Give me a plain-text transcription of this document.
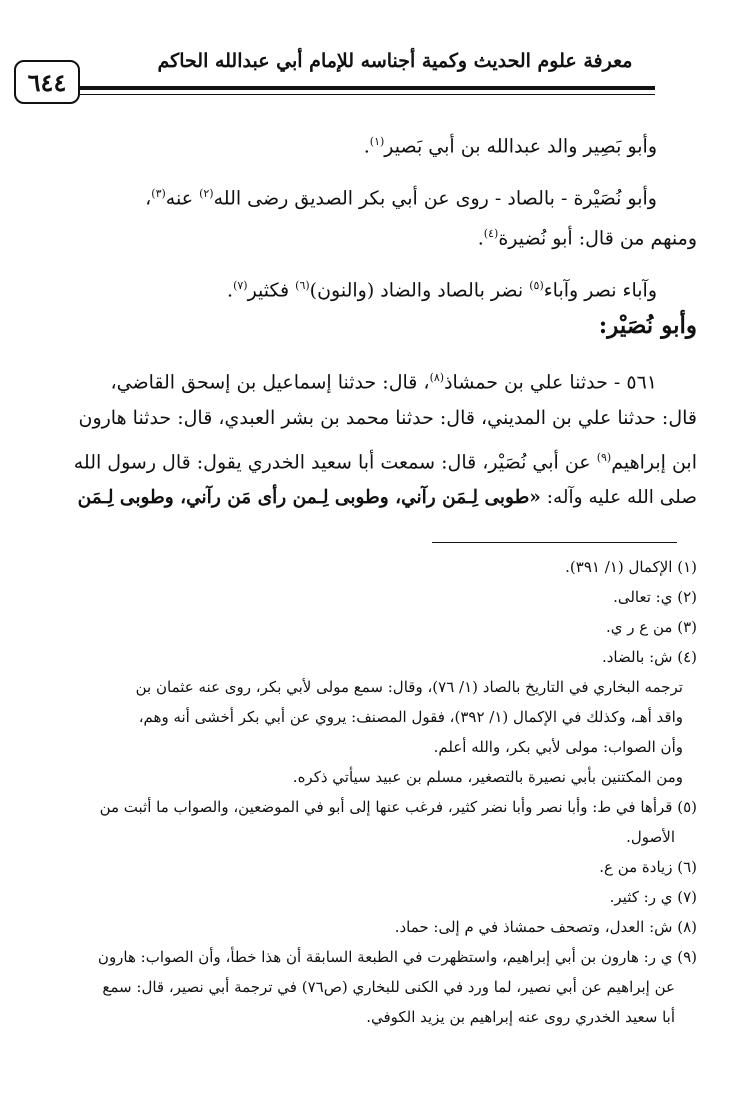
معرفة علوم الحديث وكمية أجناسه للإمام أبي عبدالله الحاكم
٦٤٤
وأبو بَصِير والد عبدالله بن أبي بَصير$^{(١)}$.
وأبو نُصَيْرة - بالصاد - روى عن أبي بكر الصديق رضى الله$^{(٢)}$ عنه$^{(٣)}$،
ومنهم من قال: أبو نُضيرة$^{(٤)}$.
وآباء نصر وآباء$^{(٥)}$ نضر بالصاد والضاد (والنون)$^{(٦)}$ فكثير$^{(٧)}$.
وأبو نُصَيْر:
٥٦١ - حدثنا علي بن حمشاذ$^{(٨)}$، قال: حدثنا إسماعيل بن إسحق القاضي،
قال: حدثنا علي بن المديني، قال: حدثنا محمد بن بشر العبدي، قال: حدثنا هارون
ابن إبراهيم$^{(٩)}$ عن أبي نُصَيْر، قال: سمعت أبا سعيد الخدري يقول: قال رسول الله
صلى الله عليه وآله: «طوبى لِـمَن رآني، وطوبى لِـمن رأى مَن رآني، وطوبى لِـمَن
(١) الإكمال (١/ ٣٩١).
(٢) ي: تعالى.
(٣) من ع ر ي.
(٤) ش: بالضاد.
ترجمه البخاري في التاريخ بالصاد (١/ ٧٦)، وقال: سمع مولى لأبي بكر، روى عنه عثمان بن
واقد أهـ، وكذلك في الإكمال (١/ ٣٩٢)، فقول المصنف: يروي عن أبي بكر أخشى أنه وهم،
وأن الصواب: مولى لأبي بكر، والله أعلم.
ومن المكتنين بأبي نصيرة بالتصغير، مسلم بن عبيد سيأتي ذكره.
(٥) قرأها في ط: وأبا نصر وأبا نضر كثير، فرغب عنها إلى أبو في الموضعين، والصواب ما أثبت من
الأصول.
(٦) زيادة من ع.
(٧) ي ر: كثير.
(٨) ش: العدل، وتصحف حمشاذ في م إلى: حماد.
(٩) ي ر: هارون بن أبي إبراهيم، واستظهرت في الطبعة السابقة أن هذا خطأ، وأن الصواب: هارون
عن إبراهيم عن أبي نصير، لما ورد في الكنى للبخاري (ص٧٦) في ترجمة أبي نصير، قال: سمع
أبا سعيد الخدري روى عنه إبراهيم بن يزيد الكوفي.
